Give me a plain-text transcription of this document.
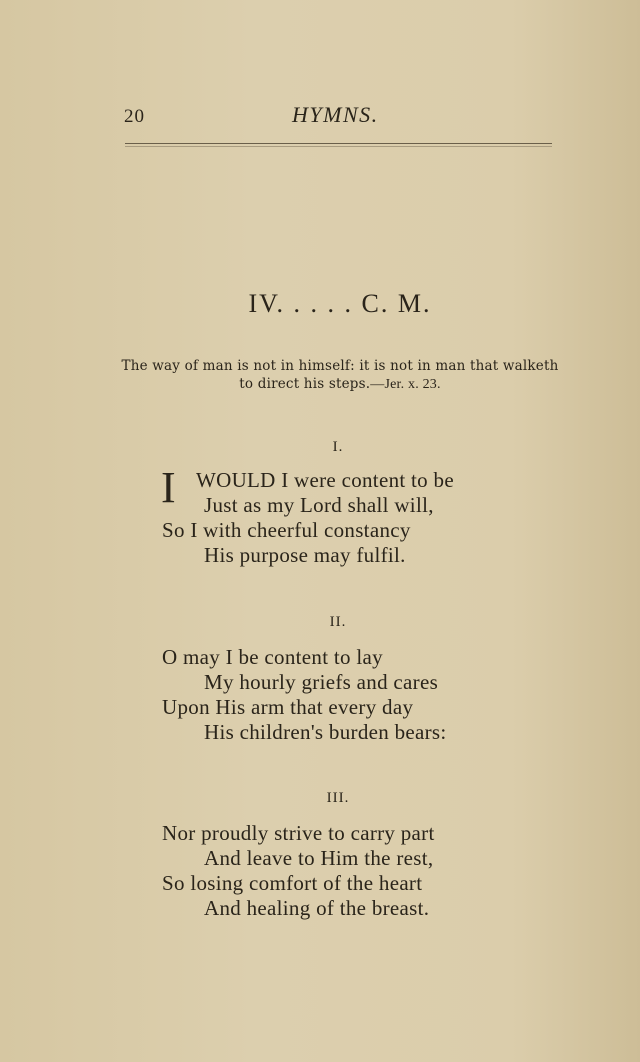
20	HYMNS.
IV. . . . . C. M.
The way of man is not in himself: it is not in man that walketh
to direct his steps.—Jer. x. 23.
I.
I WOULD I were content to be
Just as my Lord shall will,
So I with cheerful constancy
His purpose may fulfil.
II.
O may I be content to lay
My hourly griefs and cares
Upon His arm that every day
His children's burden bears:
III.
Nor proudly strive to carry part
And leave to Him the rest,
So losing comfort of the heart
And healing of the breast.
